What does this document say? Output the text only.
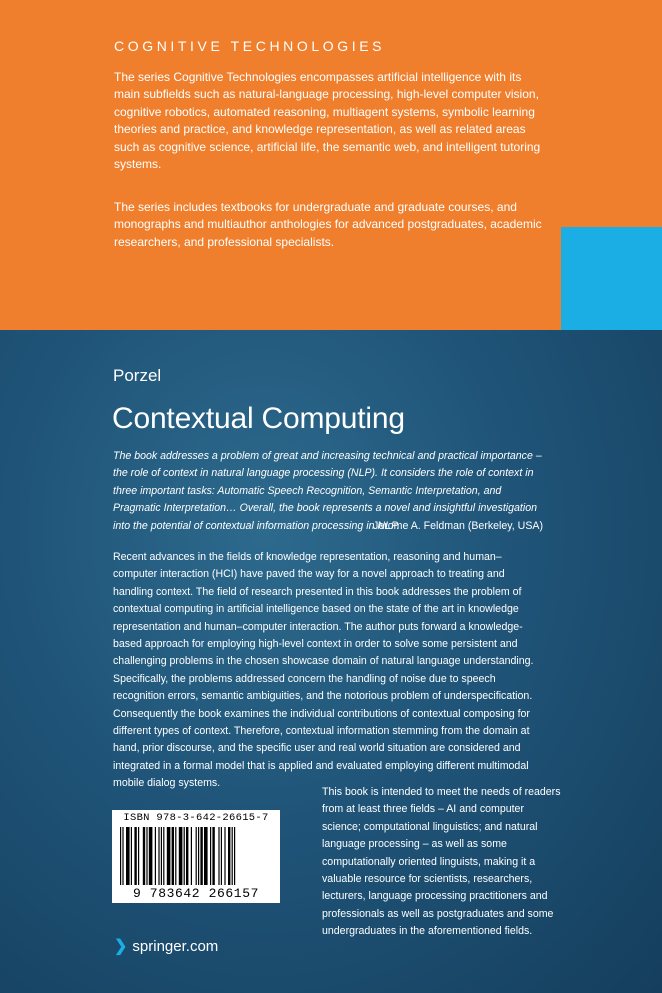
COGNITIVE TECHNOLOGIES

The series Cognitive Technologies encompasses artificial intelligence with its main subfields such as natural-language processing, high-level computer vision, cognitive robotics, automated reasoning, multiagent systems, symbolic learning theories and practice, and knowledge representation, as well as related areas such as cognitive science, artificial life, the semantic web, and intelligent tutoring systems.

The series includes textbooks for undergraduate and graduate courses, and monographs and multiauthor anthologies for advanced postgraduates, academic researchers, and professional specialists.

Porzel
Contextual Computing

The book addresses a problem of great and increasing technical and practical importance – the role of context in natural language processing (NLP). It considers the role of context in three important tasks: Automatic Speech Recognition, Semantic Interpretation, and Pragmatic Interpretation… Overall, the book represents a novel and insightful investigation into the potential of contextual information processing in NLP.
Jerome A. Feldman (Berkeley, USA)

Recent advances in the fields of knowledge representation, reasoning and human–computer interaction (HCI) have paved the way for a novel approach to treating and handling context. The field of research presented in this book addresses the problem of contextual computing in artificial intelligence based on the state of the art in knowledge representation and human–computer interaction. The author puts forward a knowledge-based approach for employing high-level context in order to solve some persistent and challenging problems in the chosen showcase domain of natural language understanding. Specifically, the problems addressed concern the handling of noise due to speech recognition errors, semantic ambiguities, and the notorious problem of underspecification. Consequently the book examines the individual contributions of contextual composing for different types of context. Therefore, contextual information stemming from the domain at hand, prior discourse, and the specific user and real world situation are considered and integrated in a formal model that is applied and evaluated employing different multimodal mobile dialog systems.

This book is intended to meet the needs of readers from at least three fields – AI and computer science; computational linguistics; and natural language processing – as well as some computationally oriented linguists, making it a valuable resource for scientists, researchers, lecturers, language processing practitioners and professionals as well as postgraduates and some undergraduates in the aforementioned fields.

ISBN 978-3-642-26615-7
9 783642 266157
❯ springer.com
